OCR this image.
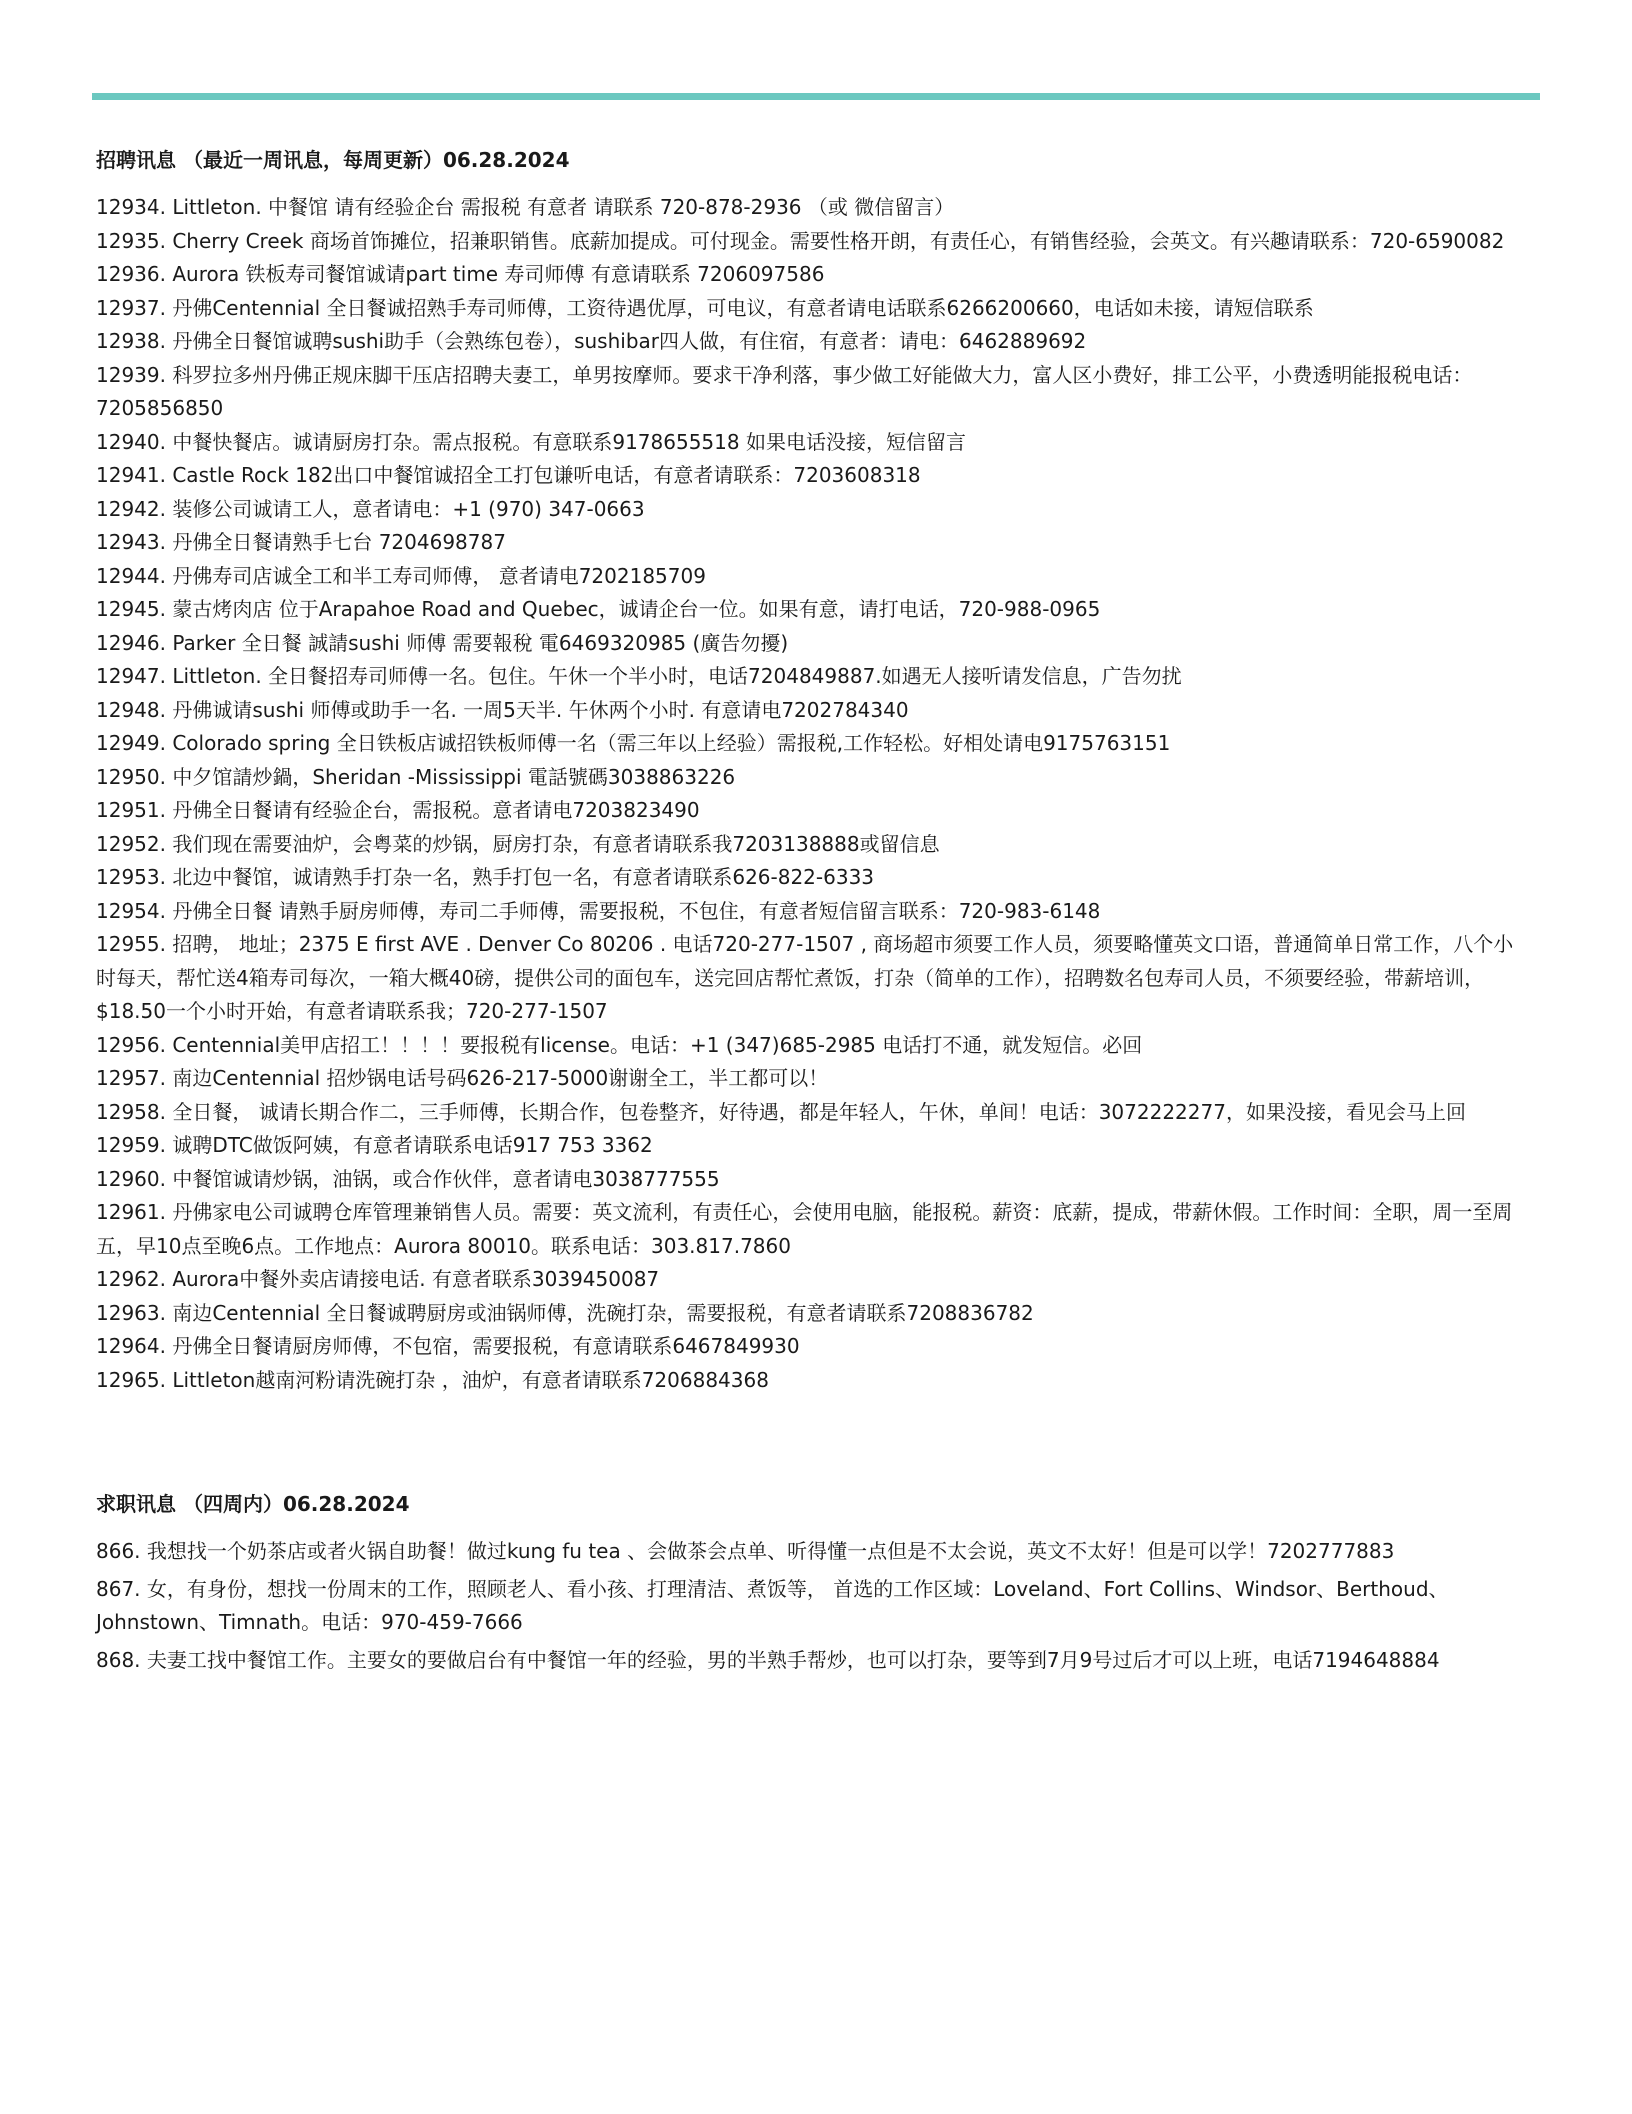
招聘讯息 （最近一周讯息，每周更新）06.28.2024

12934. Littleton. 中餐馆 请有经验企台 需报税 有意者 请联系 720-878-2936 （或 微信留言）

12935. Cherry Creek 商场首饰摊位，招兼职销售。底薪加提成。可付现金。需要性格开朗，有责任心，有销售经验，会英文。有兴趣请联系：720-6590082

12936. Aurora 铁板寿司餐馆诚请part time 寿司师傅 有意请联系 7206097586

12937. 丹佛Centennial 全日餐诚招熟手寿司师傅，工资待遇优厚，可电议，有意者请电话联系6266200660，电话如未接，请短信联系

12938. 丹佛全日餐馆诚聘sushi助手（会熟练包卷），sushibar四人做，有住宿，有意者：请电：6462889692

12939. 科罗拉多州丹佛正规床脚干压店招聘夫妻工，单男按摩师。要求干净利落，事少做工好能做大力，富人区小费好，排工公平，小费透明能报税电话：7205856850

12940. 中餐快餐店。诚请厨房打杂。需点报税。有意联系9178655518 如果电话没接，短信留言

12941. Castle Rock 182出口中餐馆诚招全工打包谦听电话，有意者请联系：7203608318

12942. 装修公司诚请工人，意者请电：+1 (970) 347-0663

12943. 丹佛全日餐请熟手七台 7204698787

12944. 丹佛寿司店诚全工和半工寿司师傅， 意者请电7202185709

12945. 蒙古烤肉店 位于Arapahoe Road and Quebec，诚请企台一位。如果有意，请打电话，720-988-0965

12946. Parker 全日餐 誠請sushi 师傅 需要報稅 電6469320985 (廣告勿擾)

12947. Littleton. 全日餐招寿司师傅一名。包住。午休一个半小时，电话7204849887.如遇无人接听请发信息，广告勿扰

12948. 丹佛诚请sushi 师傅或助手一名. 一周5天半. 午休两个小时. 有意请电7202784340

12949. Colorado spring 全日铁板店诚招铁板师傅一名（需三年以上经验）需报税,工作轻松。好相处请电9175763151

12950. 中夕馆請炒鍋，Sheridan -Mississippi 電話號碼3038863226

12951. 丹佛全日餐请有经验企台，需报税。意者请电7203823490

12952. 我们现在需要油炉，会粤菜的炒锅，厨房打杂，有意者请联系我7203138888或留信息

12953. 北边中餐馆，诚请熟手打杂一名，熟手打包一名，有意者请联系626-822-6333

12954. 丹佛全日餐 请熟手厨房师傅，寿司二手师傅，需要报税，不包住，有意者短信留言联系：720-983-6148

12955. 招聘， 地址；2375 E first AVE . Denver Co 80206 . 电话720-277-1507 , 商场超市须要工作人员，须要略懂英文口语，普通简单日常工作，八个小时每天，帮忙送4箱寿司每次，一箱大概40磅，提供公司的面包车，送完回店帮忙煮饭，打杂（简单的工作），招聘数名包寿司人员，不须要经验，带薪培训，$18.50一个小时开始，有意者请联系我；720-277-1507

12956. Centennial美甲店招工！！！！要报税有license。电话：+1 (347)685-2985 电话打不通，就发短信。必回

12957. 南边Centennial 招炒锅电话号码626-217-5000谢谢全工，半工都可以！

12958. 全日餐， 诚请长期合作二，三手师傅，长期合作，包卷整齐，好待遇，都是年轻人，午休，单间！电话：3072222277，如果没接，看见会马上回

12959. 诚聘DTC做饭阿姨，有意者请联系电话917 753 3362

12960. 中餐馆诚请炒锅，油锅，或合作伙伴，意者请电3038777555

12961. 丹佛家电公司诚聘仓库管理兼销售人员。需要：英文流利，有责任心，会使用电脑，能报税。薪资：底薪，提成，带薪休假。工作时间：全职，周一至周五，早10点至晚6点。工作地点：Aurora 80010。联系电话：303.817.7860

12962. Aurora中餐外卖店请接电话. 有意者联系3039450087

12963. 南边Centennial 全日餐诚聘厨房或油锅师傅，洗碗打杂，需要报税，有意者请联系7208836782

12964. 丹佛全日餐请厨房师傅，不包宿，需要报税，有意请联系6467849930

12965. Littleton越南河粉请洗碗打杂 ，油炉，有意者请联系7206884368

求职讯息 （四周内）06.28.2024

866. 我想找一个奶茶店或者火锅自助餐！做过kung fu tea 、会做茶会点单、听得懂一点但是不太会说，英文不太好！但是可以学！7202777883

867. 女，有身份，想找一份周末的工作，照顾老人、看小孩、打理清洁、煮饭等， 首选的工作区域：Loveland、Fort Collins、Windsor、Berthoud、Johnstown、Timnath。电话：970-459-7666

868. 夫妻工找中餐馆工作。主要女的要做启台有中餐馆一年的经验，男的半熟手帮炒，也可以打杂，要等到7月9号过后才可以上班，电话7194648884
